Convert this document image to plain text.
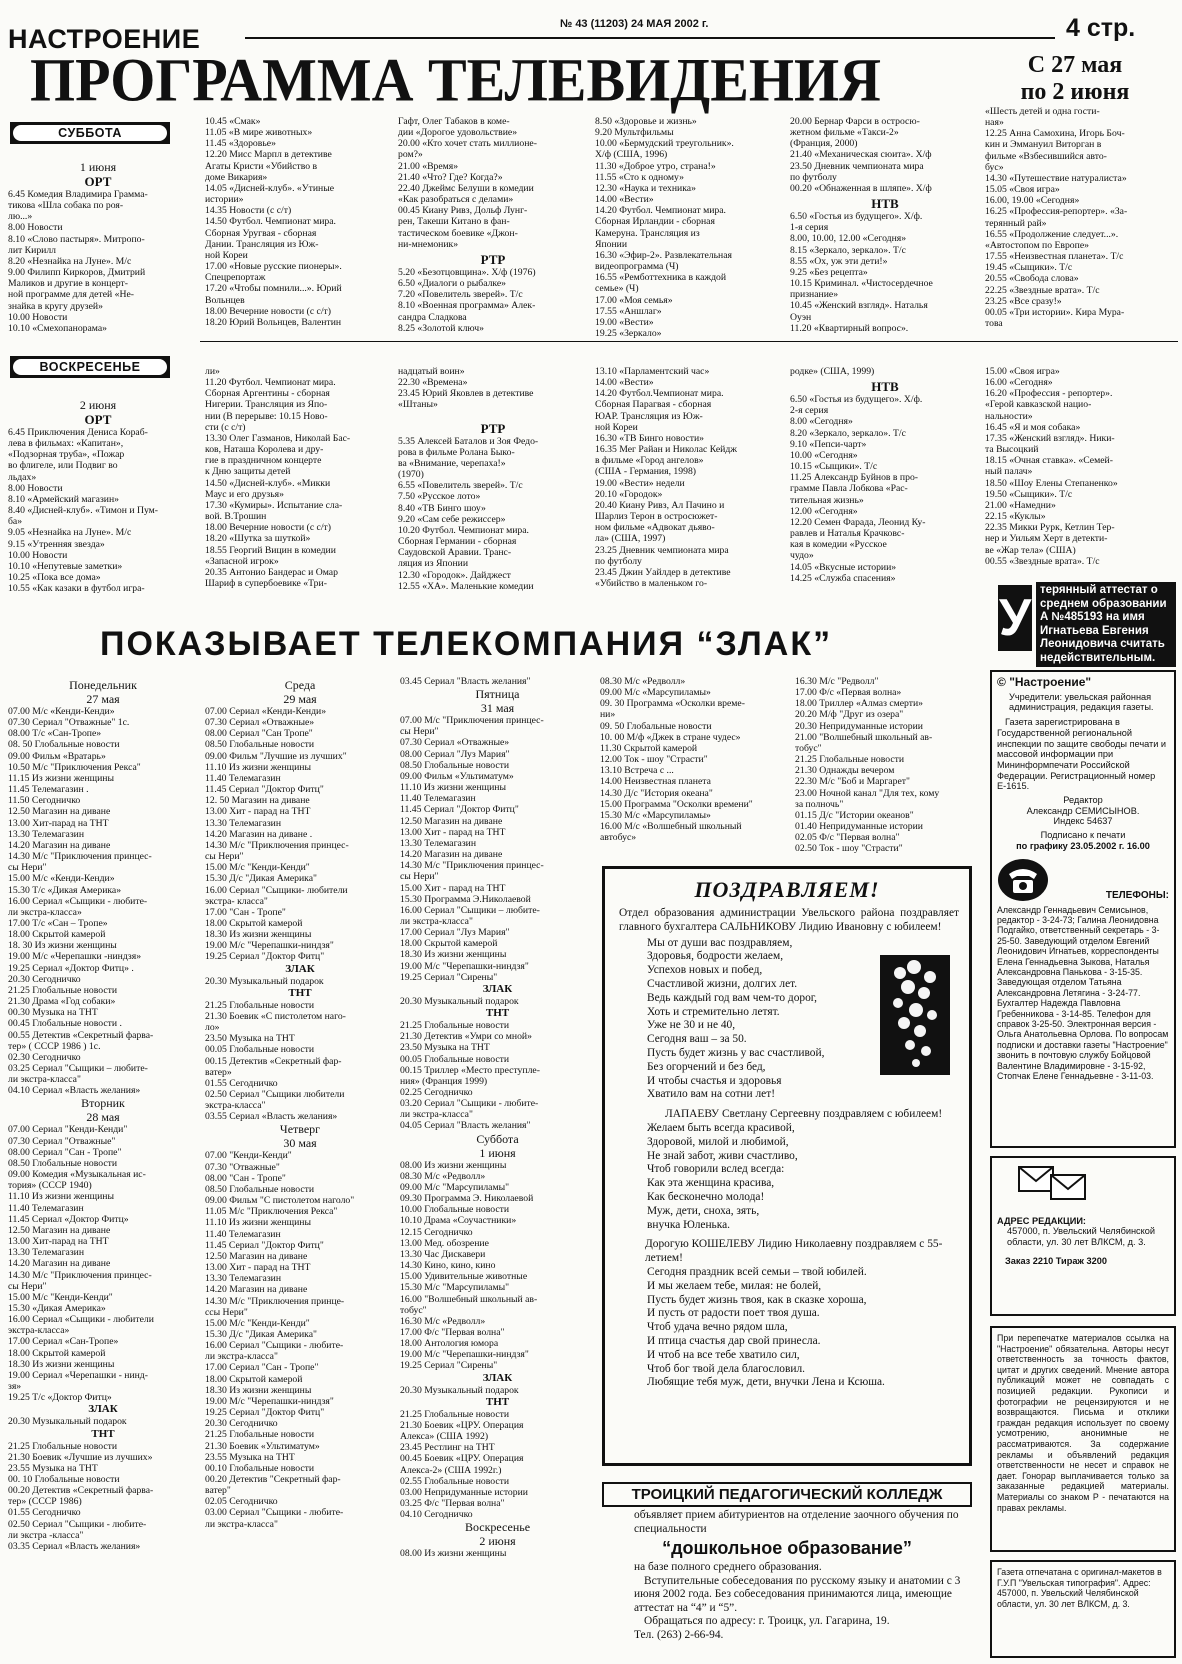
НАСТРОЕНИЕ	№ 43 (11203) 24 МАЯ 2002 г.	4 стр.
ПРОГРАММА ТЕЛЕВИДЕНИЯ	С 27 мая
по 2 июня
СУББОТА
1 июня
ОРТ
6.45 Комедия Владимира Грамма-
тикова «Шла собака по роя-
лю...»
8.00 Новости
8.10 «Слово пастыря». Митропо-
лит Кирилл
8.20 «Незнайка на Луне». М/с
9.00 Филипп Киркоров, Дмитрий
Маликов и другие в концерт-
ной программе для детей «Не-
знайка в кругу друзей»
10.00 Новости
10.10 «Смехопанорама»
10.45 «Смак»
11.05 «В мире животных»
11.45 «Здоровье»
12.20 Мисс Марпл в детективе
Агаты Кристи «Убийство в
доме Викария»
14.05 «Дисней-клуб». «Утиные
истории»
14.35 Новости (с с/т)
14.50 Футбол. Чемпионат мира.
Сборная Уругвая - сборная
Дании. Трансляция из Юж-
ной Кореи
17.00 «Новые русские пионеры».
Спецрепортаж
17.20 «Чтобы помнили...». Юрий
Вольнцев
18.00 Вечерние новости (с с/т)
18.20 Юрий Вольнцев, Валентин
Гафт, Олег Табаков в коме-
дии «Дорогое удовольствие»
20.00 «Кто хочет стать миллионе-
ром?»
21.00 «Время»
21.40 «Что? Где? Когда?»
22.40 Джеймс Белуши в комедии
«Как разобраться с делами»
00.45 Киану Ривз, Дольф Лунг-
рен, Такеши Китано в фан-
тастическом боевике «Джон-
ни-мнемоник»
РТР
5.20 «Безотцовщина». Х/ф (1976)
6.50 «Диалоги о рыбалке»
7.20 «Повелитель зверей». Т/с
8.10 «Военная программа» Алек-
сандра Сладкова
8.25 «Золотой ключ»
8.50 «Здоровье и жизнь»
9.20 Мультфильмы
10.00 «Бермудский треугольник».
Х/ф (США, 1996)
11.30 «Доброе утро, страна!»
11.55 «Сто к одному»
12.30 «Наука и техника»
14.00 «Вести»
14.20 Футбол. Чемпионат мира.
Сборная Ирландии - сборная
Камеруна. Трансляция из
Японии
16.30 «Эфир-2». Развлекательная
видеопрограмма (Ч)
16.55 «Ремботтехника в каждой
семье» (Ч)
17.00 «Моя семья»
17.55 «Аншлаг»
19.00 «Вести»
19.25 «Зеркало»
20.00 Бернар Фарси в остросю-
жетном фильме «Такси-2»
(Франция, 2000)
21.40 «Механическая сюита». Х/ф
23.50 Дневник чемпионата мира
по футболу
00.20 «Обнаженная в шляпе». Х/ф
НТВ
6.50 «Гостья из будущего». Х/ф.
1-я серия
8.00, 10.00, 12.00 «Сегодня»
8.15 «Зеркало, зеркало». Т/с
8.55 «Ох, уж эти дети!»
9.25 «Без рецепта»
10.15 Криминал. «Чистосердечное
признание»
10.45 «Женский взгляд». Наталья
Оуэн
11.20 «Квартирный вопрос».
«Шесть детей и одна гости-
ная»
12.25 Анна Самохина, Игорь Боч-
кин и Эммануил Виторган в
фильме «Взбесившийся авто-
бус»
14.30 «Путешествие натуралиста»
15.05 «Своя игра»
16.00, 19.00 «Сегодня»
16.25 «Профессия-репортер». «За-
терянный рай»
16.55 «Продолжение следует...».
«Автостопом по Европе»
17.55 «Неизвестная планета». Т/с
19.45 «Сыщики». Т/с
20.55 «Свобода слова»
22.25 «Звездные врата». Т/с
23.25 «Все сразу!»
00.05 «Три истории». Кира Мура-
това
ВОСКРЕСЕНЬЕ
2 июня
ОРТ
6.45 Приключения Дениса Кораб-
лева в фильмах: «Капитан»,
«Подзорная труба», «Пожар
во флигеле, или Подвиг во
льдах»
8.00 Новости
8.10 «Армейский магазин»
8.40 «Дисней-клуб». «Тимон и Пум-
ба»
9.05 «Незнайка на Луне». М/с
9.15 «Утренняя звезда»
10.00 Новости
10.10 «Непутевые заметки»
10.25 «Пока все дома»
10.55 «Как казаки в футбол игра-
ли»
11.20 Футбол. Чемпионат мира.
Сборная Аргентины - сборная
Нигерии. Трансляция из Япо-
нии (В перерыве: 10.15 Ново-
сти (с с/т)
13.30 Олег Газманов, Николай Бас-
ков, Наташа Королева и дру-
гие в праздничном концерте
к Дню защиты детей
14.50 «Дисней-клуб». «Микки
Маус и его друзья»
17.30 «Кумиры». Испытание сла-
вой. В.Трошин
18.00 Вечерние новости (с с/т)
18.20 «Шутка за шуткой»
18.55 Георгий Вицин в комедии
«Запасной игрок»
20.35 Антонио Бандерас и Омар
Шариф в супербоевике «Три-
надцатый воин»
22.30 «Времена»
23.45 Юрий Яковлев в детективе
«Штаны»
РТР
5.35 Алексей Баталов и Зоя Федо-
рова в фильме Ролана Быко-
ва «Внимание, черепаха!»
(1970)
6.55 «Повелитель зверей». Т/с
7.50 «Русское лото»
8.40 «ТВ Бинго шоу»
9.20 «Сам себе режиссер»
10.20 Футбол. Чемпионат мира.
Сборная Германии - сборная
Саудовской Аравии. Транс-
ляция из Японии
12.30 «Городок». Дайджест
12.55 «ХА». Маленькие комедии
13.10 «Парламентский час»
14.00 «Вести»
14.20 Футбол.Чемпионат мира.
Сборная Парагвая - сборная
ЮАР. Трансляция из Юж-
ной Кореи
16.30 «ТВ Бинго новости»
16.35 Мег Райан и Николас Кейдж
в фильме «Город ангелов»
(США - Германия, 1998)
19.00 «Вести» недели
20.10 «Городок»
20.40 Киану Ривз, Ал Пачино и
Шарлиз Терон в остросюжет-
ном фильме «Адвокат дьяво-
ла» (США, 1997)
23.25 Дневник чемпионата мира
по футболу
23.45 Джин Уайлдер в детективе
«Убийство в маленьком го-
родке» (США, 1999)
НТВ
6.50 «Гостья из будущего». Х/ф.
2-я серия
8.00 «Сегодня»
8.20 «Зеркало, зеркало». Т/с
9.10 «Пепси-чарт»
10.00 «Сегодня»
10.15 «Сыщики». Т/с
11.25 Александр Буйнов в про-
грамме Павла Лобкова «Рас-
тительная жизнь»
12.00 «Сегодня»
12.20 Семен Фарада, Леонид Ку-
равлев и Наталья Крачковс-
кая в комедии «Русское
чудо»
14.05 «Вкусные истории»
14.25 «Служба спасения»
15.00 «Своя игра»
16.00 «Сегодня»
16.20 «Профессия - репортер».
«Герой кавказской нацио-
нальности»
16.45 «Я и моя собака»
17.35 «Женский взгляд». Ники-
та Высоцкий
18.15 «Очная ставка». «Семей-
ный палач»
18.50 «Шоу Елены Степаненко»
19.50 «Сыщики». Т/с
21.00 «Намедни»
22.15 «Куклы»
22.35 Микки Рурк, Кетлин Тер-
нер и Уильям Херт в детекти-
ве «Жар тела» (США)
00.55 «Звездные врата». Т/с
У терянный аттестат о среднем образовании А №485193 на имя Игнатьева Евгения Леонидовича считать недействительным.
ПОКАЗЫВАЕТ ТЕЛЕКОМПАНИЯ “ЗЛАК”
Понедельник
27 мая
07.00 М/с «Кенди-Кенди»
07.30 Сериал "Отважные" 1с.
08.00 Т/с «Сан-Тропе»
08. 50 Глобальные новости
09.00 Фильм «Вратарь»
10.50 М/с "Приключения Рекса"
11.15 Из жизни женщины
11.45 Телемагазин .
11.50 Сегодничко
12.50 Магазин на диване
13.00 Хит-парад на ТНТ
13.30 Телемагазин
14.20 Магазин на диване
14.30 М/с "Приключения принцес-
сы Нери"
15.00 М/с «Кенди-Кенди»
15.30 Т/с «Дикая Америка»
16.00 Сериал «Сыщики - любите-
ли экстра-класса»
17.00 Т/с «Сан – Тропе»
18.00 Скрытой камерой
18. 30 Из жизни женщины
19.00 М/с «Черепашки -ниндзя»
19.25 Сериал «Доктор Фитц» .
20.30 Сегодничко
21.25 Глобальные новости
21.30 Драма «Год собаки»
00.30 Музыка на ТНТ
00.45 Глобальные новости .
00.55 Детектив «Секретный фарва-
тер» ( СССР 1986 ) 1с.
02.30 Сегодничко
03.25 Сериал "Сыщики – любите-
ли экстра-класса"
04.10 Сериал «Власть желания»
Вторник
28 мая
07.00 Сериал "Кенди-Кенди"
07.30 Сериал "Отважные"
08.00 Сериал "Сан - Тропе"
08.50 Глобальные новости
09.00 Комедия «Музыкальная ис-
тория» (СССР 1940)
11.10 Из жизни женщины
11.40 Телемагазин
11.45 Сериал «Доктор Фитц»
12.50 Магазин на диване
13.00 Хит-парад на ТНТ
13.30 Телемагазин
14.20 Магазин на диване
14.30 М/с "Приключения принцес-
сы Нери"
15.00 М/с "Кенди-Кенди"
15.30 «Дикая Америка»
16.00 Сериал «Сыщики - любители
экстра-класса»
17.00 Сериал «Сан-Тропе»
18.00 Скрытой камерой
18.30 Из жизни женщины
19.00 Сериал «Черепашки - нинд-
зя»
19.25 Т/с «Доктор Фитц»
ЗЛАК
20.30 Музыкальный подарок
ТНТ
21.25 Глобальные новости
21.30 Боевик «Лучшие из лучших»
23.55 Музыка на ТНТ
00. 10 Глобальные новости
00.20 Детектив «Секретный фарва-
тер» (СССР 1986)
01.55 Сегодничко
02.50 Сериал "Сыщики - любите-
ли экстра -класса"
03.35 Сериал «Власть желания»
Среда
29 мая
07.00 Сериал «Кенди-Кенди»
07.30 Сериал «Отважные»
08.00 Сериал "Сан Тропе"
08.50 Глобальные новости
09.00 Фильм "Лучшие из лучших"
11.10 Из жизни женщины
11.40 Телемагазин
11.45 Сериал "Доктор Фитц"
12. 50 Магазин на диване
13.00 Хит - парад на ТНТ
13.30 Телемагазин
14.20 Магазин на диване .
14.30 М/с "Приключения принцес-
сы Нери"
15.00 М/с "Кенди-Кенди"
15.30 Д/с "Дикая Америка"
16.00 Сериал "Сыщики- любители
экстра- класса"
17.00 "Сан - Тропе"
18.00 Скрытой камерой
18.30 Из жизни женщины
19.00 М/с "Черепашки-ниндзя"
19.25 Сериал "Доктор Фитц"
ЗЛАК
20.30 Музыкальный подарок
ТНТ
21.25 Глобальные новости
21.30 Боевик «С пистолетом наго-
ло»
23.50 Музыка на ТНТ
00.05 Глобальные новости
00.15 Детектив «Секретный фар-
ватер»
01.55 Сегодничко
02.50 Сериал "Сыщики любители
экстра-класса"
03.55 Сериал «Власть желания»
Четверг
30 мая
07.00 "Кенди-Кенди"
07.30 "Отважные"
08.00 "Сан - Тропе"
08.50 Глобальные новости
09.00 Фильм "С пистолетом наголо"
11.05 М/с "Приключения Рекса"
11.10 Из жизни женщины
11.40 Телемагазин
11.45 Сериал "Доктор Фитц"
12.50 Магазин на диване
13.00 Хит - парад на ТНТ
13.30 Телемагазин
14.20 Магазин на диване
14.30 М/с "Приключения принце-
ссы Нери"
15.00 М/с "Кенди-Кенди"
15.30 Д/с "Дикая Америка"
16.00 Сериал "Сыщики - любите-
ли экстра-класса"
17.00 Сериал "Сан - Тропе"
18.00 Скрытой камерой
18.30 Из жизни женщины
19.00 М/с "Черепашки-ниндзя"
19.25 Сериал "Доктор Фитц"
20.30 Сегодничко
21.25 Глобальные новости
21.30 Боевик «Ультиматум»
23.55 Музыка на ТНТ
00.10 Глобальные новости
00.20 Детектив "Секретный фар-
ватер"
02.05 Сегодничко
03.00 Сериал "Сыщики - любите-
ли экстра-класса"
03.45 Сериал "Власть желания"
Пятница
31 мая
07.00 М/с "Приключения принцес-
сы Нери"
07.30 Сериал «Отважные»
08.00 Сериал "Луз Мария"
08.50 Глобальные новости
09.00 Фильм «Ультиматум»
11.10 Из жизни женщины
11.40 Телемагазин
11.45 Сериал "Доктор Фитц"
12.50 Магазин на диване
13.00 Хит - парад на ТНТ
13.30 Телемагазин
14.20 Магазин на диване
14.30 М/с "Приключения принцес-
сы Нери"
15.00 Хит - парад на ТНТ
15.30 Программа Э.Николаевой
16.00 Сериал "Сыщики – любите-
ли экстра-класса"
17.00 Сериал "Луз Мария"
18.00 Скрытой камерой
18.30 Из жизни женщины
19.00 М/с "Черепашки-ниндзя"
19.25 Сериал "Сирены"
ЗЛАК
20.30 Музыкальный подарок
ТНТ
21.25 Глобальные новости
21.30 Детектив «Умри со мной»
23.50 Музыка на ТНТ
00.05 Глобальные новости
00.15 Триллер «Место преступле-
ния» (Франция 1999)
02.25 Сегодничко
03.20 Сериал "Сыщики - любите-
ли экстра-класса"
04.05 Сериал "Власть желания"
Суббота
1 июня
08.00 Из жизни женщины
08.30 М/с «Редволл»
09.00 М/с "Марсупиламы"
09.30 Программа Э. Николаевой
10.00 Глобальные новости
10.10 Драма «Соучастники»
12.15 Сегодничко
13.00 Мед. обозрение
13.30 Час Дискавери
14.30 Кино, кино, кино
15.00 Удивительные животные
15.30 М/с "Марсупиламы"
16.00 "Волшебный школьный ав-
тобус"
16.30 М/с «Редволл»
17.00 Ф/с "Первая волна"
18.00 Антология юмора
19.00 М/с "Черепашки-ниндзя"
19.25 Сериал "Сирены"
ЗЛАК
20.30 Музыкальный подарок
ТНТ
21.25 Глобальные новости
21.30 Боевик «ЦРУ. Операция
Алекса» (США 1992)
23.45 Рестлинг на ТНТ
00.45 Боевик «ЦРУ. Операция
Алекса-2» (США 1992г.)
02.55 Глобальные новости
03.00 Непридуманные истории
03.25 Ф/с "Первая волна"
04.10 Сегодничко
Воскресенье
2 июня
08.00 Из жизни женщины
08.30 М/с «Редволл»
09.00 М/с «Марсупиламы»
09. 30 Программа «Осколки време-
ни»
09. 50 Глобальные новости
10. 00 М/ф «Джек в стране чудес»
11.30 Скрытой камерой
12.00 Ток - шоу "Страсти"
13.10 Встреча с ...
14.00 Неизвестная планета
14.30 Д/с "История океана"
15.00 Программа "Осколки времени"
15.30 М/с «Марсупиламы»
16.00 М/с «Волшебный школьный
автобус»
16.30 М/с "Редволл"
17.00 Ф/с «Первая волна»
18.00 Триллер «Алмаз смерти»
20.20 М/ф "Друг из озера"
20.30 Непридуманные истории
21.00 "Волшебный школьный ав-
тобус"
21.25 Глобальные новости
21.30 Однажды вечером
22.30 М/с "Боб и Маргарет"
23.00 Ночной канал "Для тех, кому
за полночь"
01.15 Д/с "Истории океанов"
01.40 Непридуманные истории
02.05 Ф/с "Первая волна"
02.50 Ток - шоу "Страсти"
ПОЗДРАВЛЯЕМ!

Отдел образования администрации Увельского района поздравляет главного бухгалтера САЛЬНИКОВУ Лидию Ивановну с юбилеем!

Мы от души вас поздравляем,
Здоровья, бодрости желаем,
Успехов новых и побед,
Счастливой жизни, долгих лет.
Ведь каждый год вам чем-то дорог,
Хоть и стремительно летят.
Уже не 30 и не 40,
Сегодня ваш – за 50.
Пусть будет жизнь у вас счастливой,
Без огорчений и без бед,
И чтобы счастья и здоровья
Хватило вам на сотни лет!

ЛАПАЕВУ Светлану Сергеевну поздравляем с юбилеем!

Желаем быть всегда красивой,
Здоровой, милой и любимой,
Не знай забот, живи счастливо,
Чтоб говорили вслед всегда:
Как эта женщина красива,
Как бесконечно молода!
Муж, дети, сноха, зять,
внучка Юленька.

Дорогую КОШЕЛЕВУ Лидию Николаевну поздравляем с 55-летием!

Сегодня праздник всей семьи – твой юбилей.
И мы желаем тебе, милая: не болей,
Пусть будет жизнь твоя, как в сказке хороша,
И пусть от радости поет твоя душа.
Чтоб удача вечно рядом шла,
И птица счастья дар свой принесла.
И чтоб на все тебе хватило сил,
Чтоб бог твой дела благословил.
Любящие тебя муж, дети, внучки Лена и Ксюша.
ТРОИЦКИЙ ПЕДАГОГИЧЕСКИЙ КОЛЛЕДЖ
объявляет прием абитуриентов на отделение заочного обучения по специальности
“дошкольное образование”
на базе полного среднего образования.
Вступительные собеседования по русскому языку и анатомии с 3 июня 2002 года. Без собеседования принимаются лица, имеющие аттестат на “4” и “5”.
Обращаться по адресу: г. Троицк, ул. Гагарина, 19.
Тел. (263) 2-66-94.
© "Настроение"
Учредители: увельская районная администрация, редакция газеты.
Газета зарегистрирована в Государственной региональной инспекции по защите свободы печати и массовой информации при Мининформпечати Российской Федерации. Регистрационный номер Е-1615.
Редактор
Александр СЕМИСЫНОВ.
Индекс 54637
Подписано к печати
по графику 23.05.2002 г. 16.00
ТЕЛЕФОНЫ:
Александр Геннадьевич Семисынов, редактор - 3-24-73; Галина Леонидовна Подгайко, ответственный секретарь - 3-25-50. Заведующий отделом Евгений Леонидович Игнатьев, корреспонденты Елена Геннадьевна Зыкова, Наталья Александровна Панькова - 3-15-35. Заведующая отделом Татьяна Александровна Летягина - 3-24-77. Бухгалтер Надежда Павловна Гребенникова - 3-14-85. Телефон для справок 3-25-50. Электронная версия - Ольга Анатольевна Орлова. По вопросам подписки и доставки газеты "Настроение" звонить в почтовую службу Бойцовой Валентине Владимировне - 3-15-92, Стопчак Елене Геннадьевне - 3-11-03.
АДРЕС РЕДАКЦИИ:
457000, п. Увельский Челябинской области, ул. 30 лет ВЛКСМ, д. 3.
Заказ 2210 Тираж 3200
При перепечатке материалов ссылка на "Настроение" обязательна. Авторы несут ответственность за точность фактов, цитат и других сведений. Мнение автора публикаций может не совпадать с позицией редакции. Рукописи и фотографии не рецензируются и не возвращаются. Письма и отклики граждан редакция использует по своему усмотрению, анонимные не рассматриваются. За содержание рекламы и объявлений редакция ответственности не несет и справок не дает. Гонорар выплачивается только за заказанные редакцией материалы. Материалы со знаком Р - печатаются на правах рекламы.
Газета отпечатана с оригинал-макетов в Г.У.П "Увельская типография". Адрес: 457000, п. Увельский Челябинской области, ул. 30 лет ВЛКСМ, д. 3.
